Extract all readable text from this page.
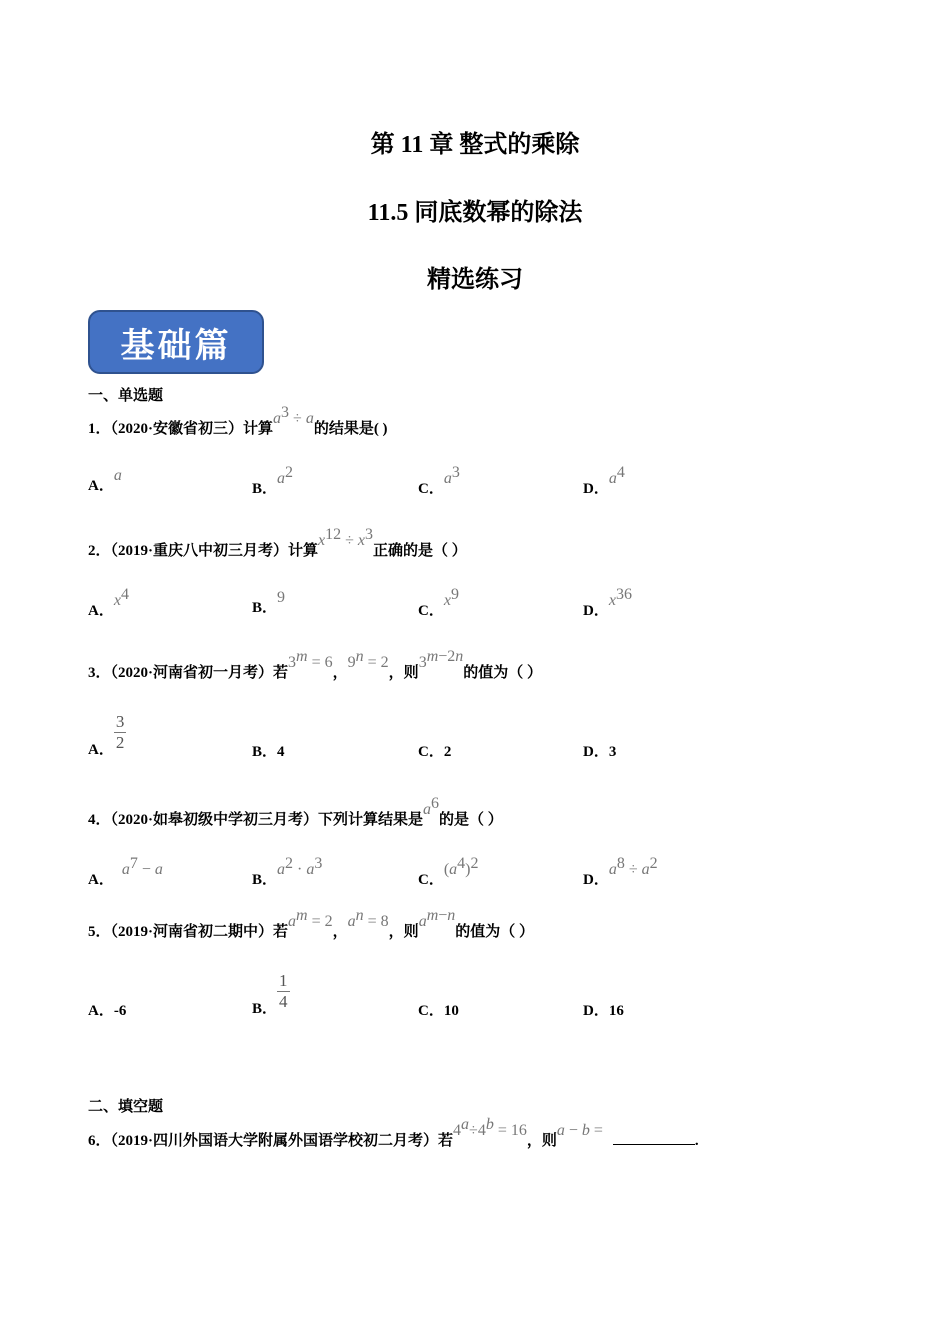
第 11 章 整式的乘除
11.5 同底数幂的除法
精选练习
基础篇
一、单选题
1．（2020·安徽省初三）计算$a^3 \div a$的结果是( )
A．a
B．$a^2$
C．$a^3$
D．$a^4$
2．（2019·重庆八中初三月考）计算$x^{12} \div x^3$正确的是（ ）
A．$x^4$
B．9
C．$x^9$
D．$x^{36}$
3．（2020·河南省初一月考）若$3^m = 6$，$9^n = 2$，则$3^{m-2n}$的值为（ ）
A． $\frac{3}{2}$	B．4	C．2	D．3
4．（2020·如皋初级中学初三月考）下列计算结果是$a^6$的是（ ）
A．$a^7 - a$
B．$a^2 \cdot a^3$
C．$(a^4)^2$
D．$a^8 \div a^2$
5．（2019·河南省初二期中）若$a^m = 2$，$a^n = 8$，则$a^{m-n}$的值为（ ）
A．-6	B． $\frac{1}{4}$	C．10	D．16
二、填空题
6．（2019·四川外国语大学附属外国语学校初二月考）若$4^a\div 4^b = 16$，则a − b = .
